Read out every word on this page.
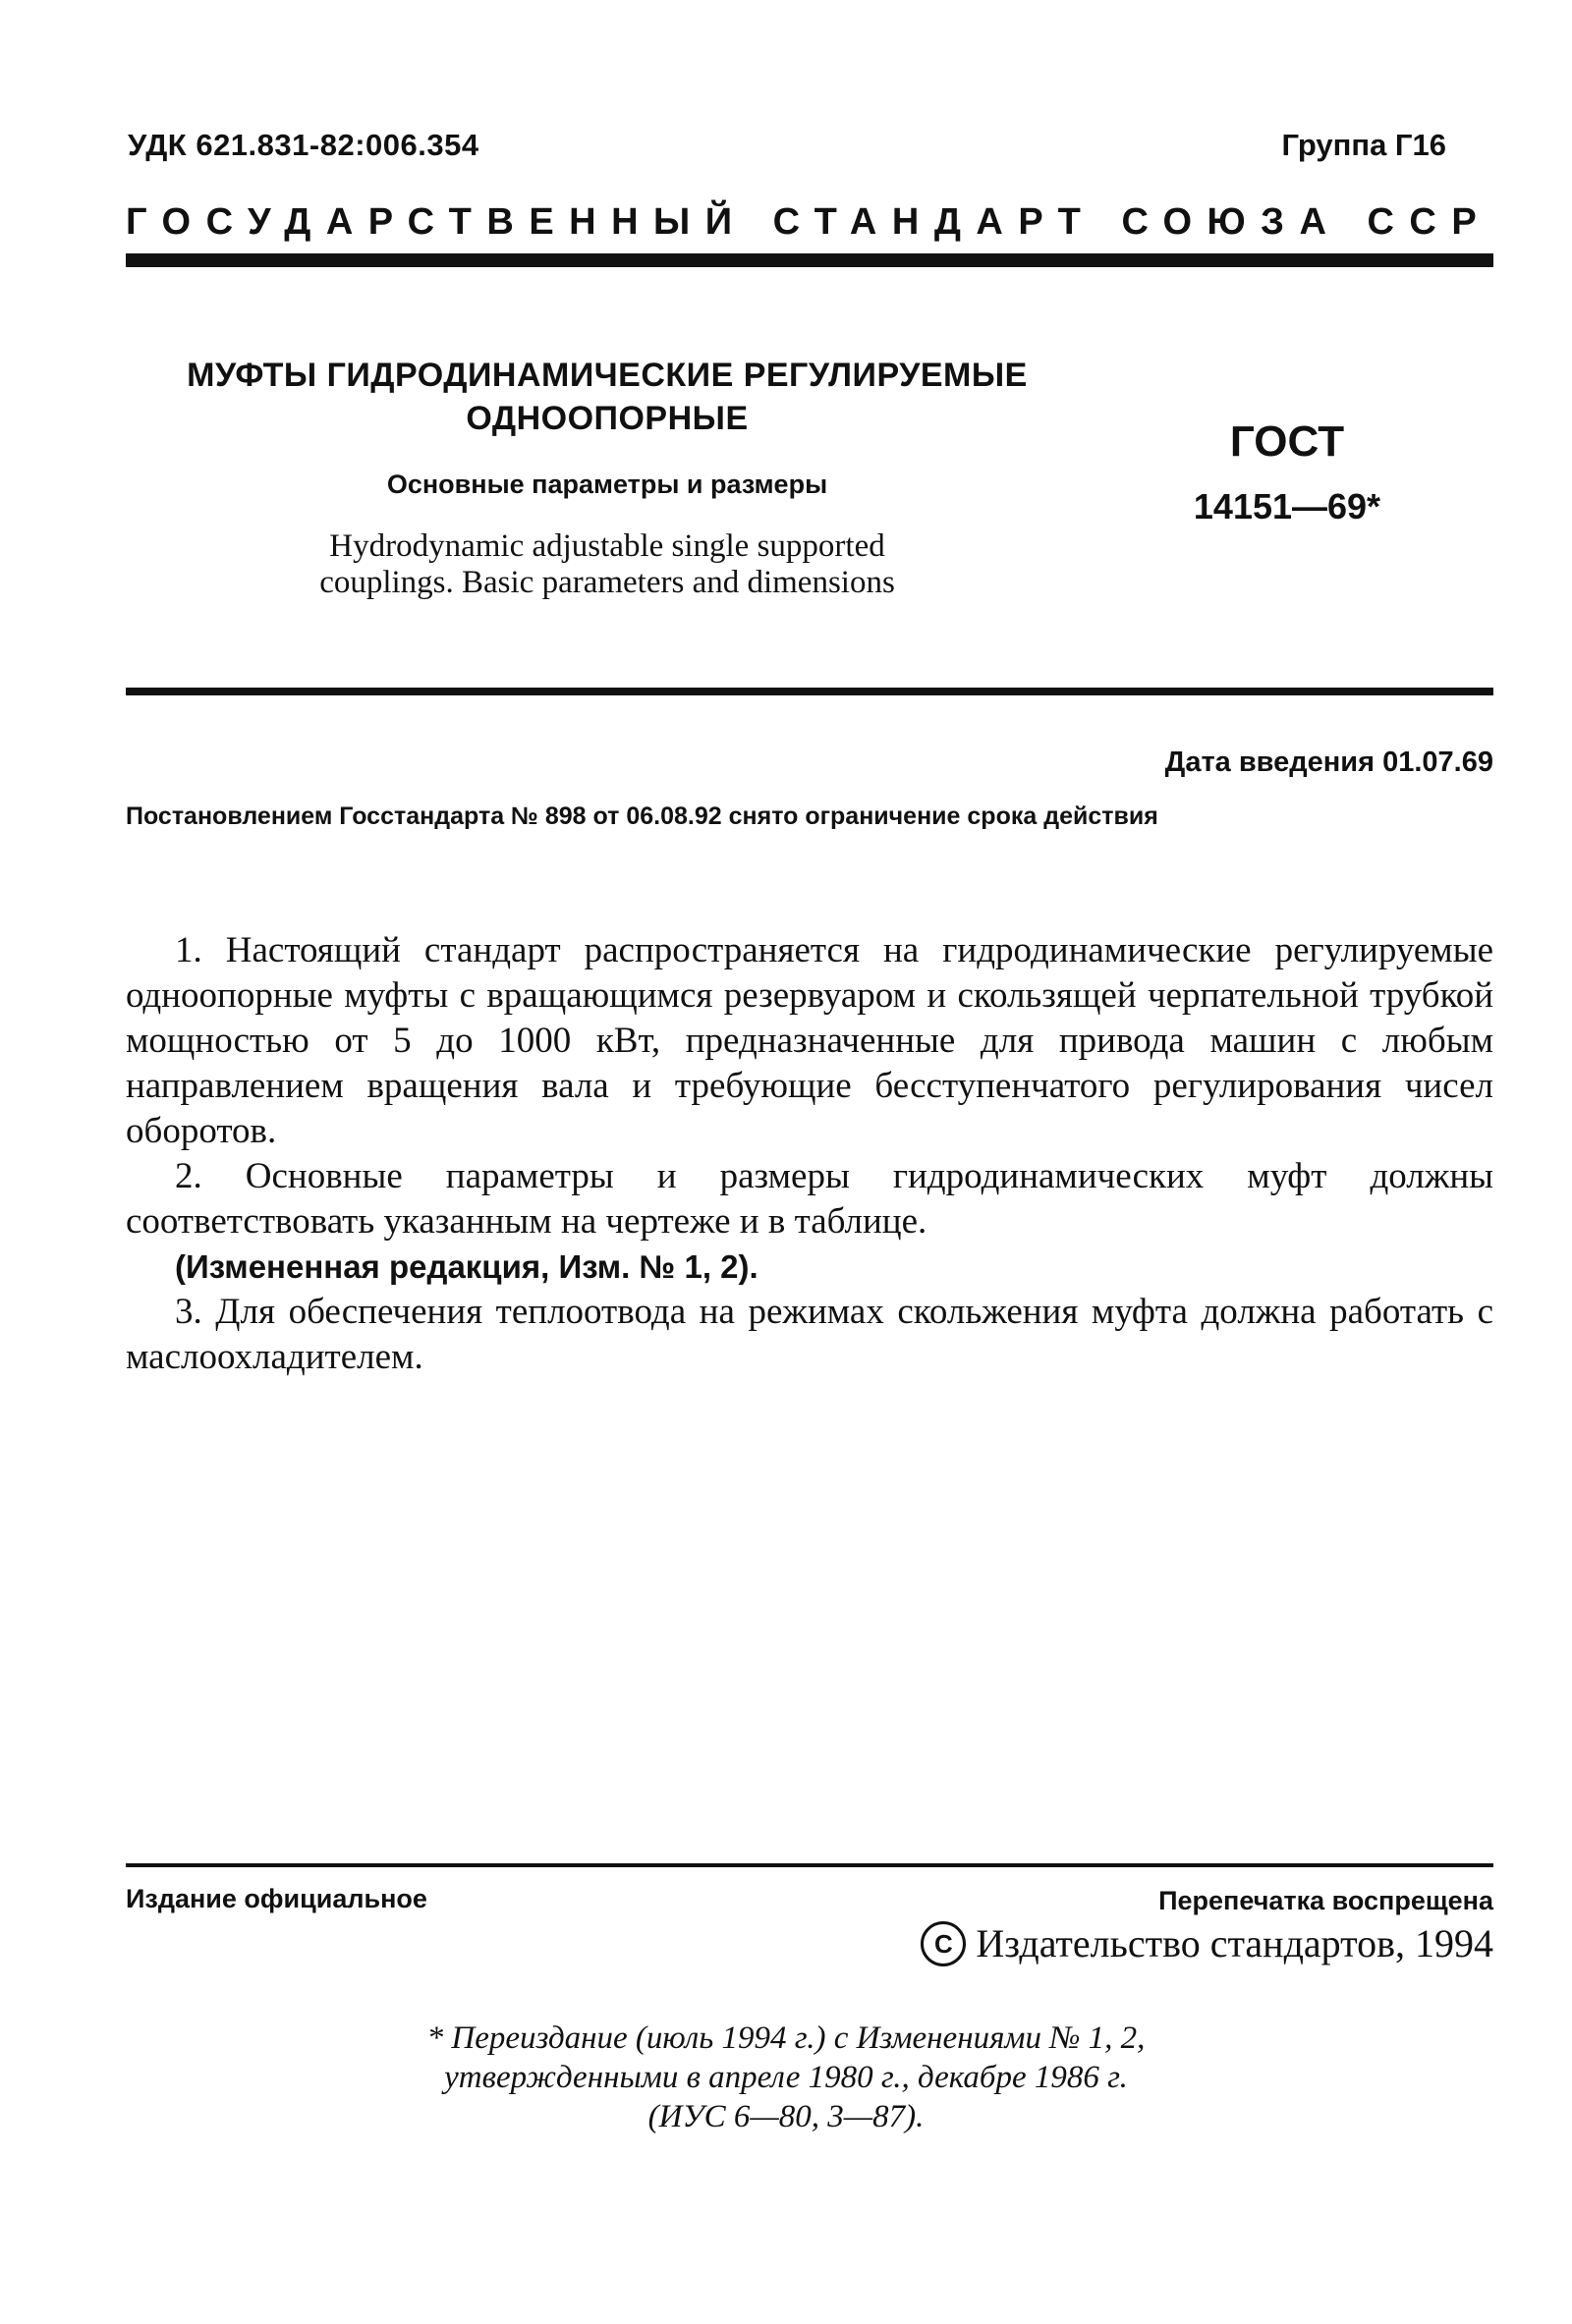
УДК 621.831-82:006.354	Группа Г16
ГОСУДАРСТВЕННЫЙ СТАНДАРТ СОЮЗА ССР
МУФТЫ ГИДРОДИНАМИЧЕСКИЕ РЕГУЛИРУЕМЫЕ
ОДНООПОРНЫЕ
Основные параметры и размеры
Hydrodynamic adjustable single supported
couplings. Basic parameters and dimensions
ГОСТ
14151—69*
Дата введения 01.07.69
Постановлением Госстандарта № 898 от 06.08.92 снято ограничение срока действия

1. Настоящий стандарт распространяется на гидродинамические регулируемые одноопорные муфты с вращающимся резервуаром и скользящей черпательной трубкой мощностью от 5 до 1000 кВт, предназначенные для привода машин с любым направлением вращения вала и требующие бесступенчатого регулирования чисел оборотов.

2. Основные параметры и размеры гидродинамических муфт должны соответствовать указанным на чертеже и в таблице.

(Измененная редакция, Изм. № 1, 2).

3. Для обеспечения теплоотвода на режимах скольжения муфта должна работать с маслоохладителем.

Издание официальное	Перепечатка воспрещена
C Издательство стандартов, 1994
* Переиздание (июль 1994 г.) с Изменениями № 1, 2,
утвержденными в апреле 1980 г., декабре 1986 г.
(ИУС 6—80, 3—87).
